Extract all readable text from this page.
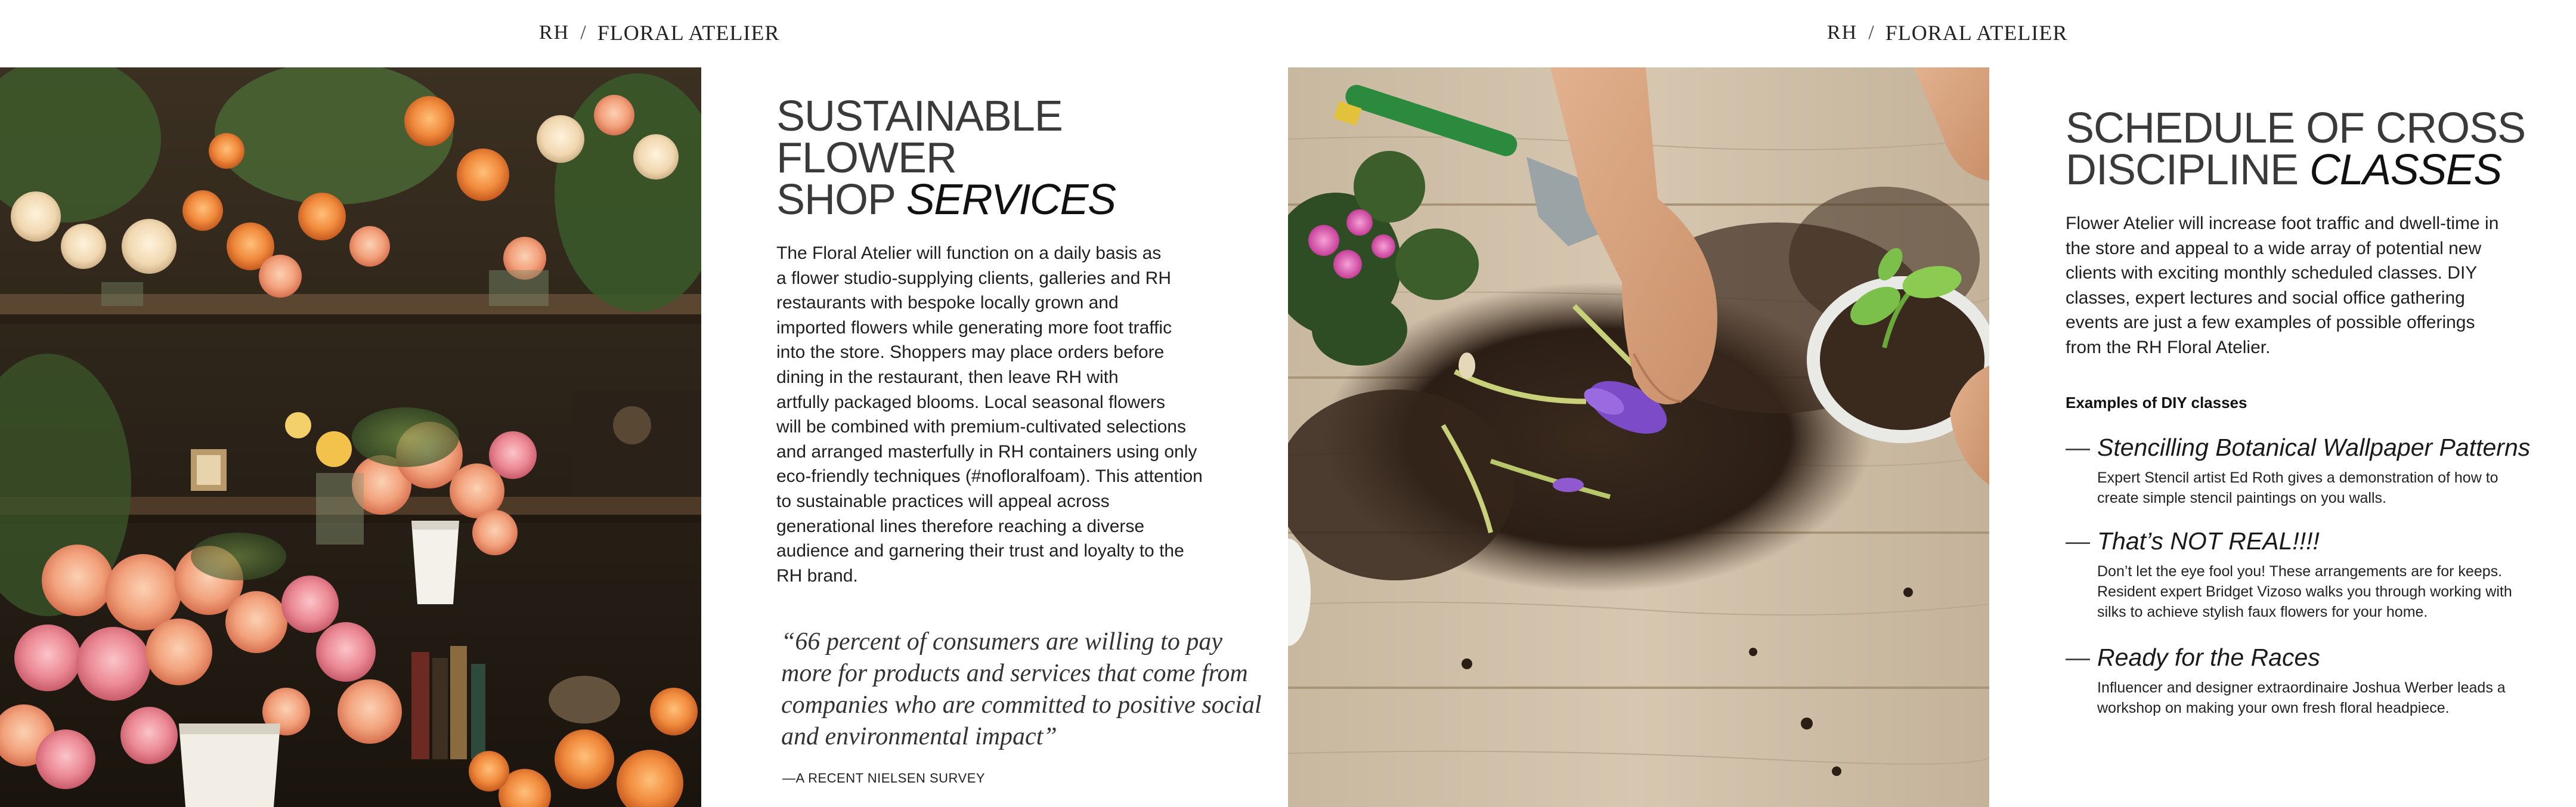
RH / FLORAL ATELIER
SUSTAINABLE FLOWER
SHOP SERVICES

The Floral Atelier will function on a daily basis as
a flower studio-supplying clients, galleries and RH
restaurants with bespoke locally grown and
imported flowers while generating more foot traffic
into the store. Shoppers may place orders before
dining in the restaurant, then leave RH with
artfully packaged blooms. Local seasonal flowers
will be combined with premium-cultivated selections
and arranged masterfully in RH containers using only
eco-friendly techniques (#nofloralfoam). This attention
to sustainable practices will appeal across
generational lines therefore reaching a diverse
audience and garnering their trust and loyalty to the
RH brand.

“66 percent of consumers are willing to pay
more for products and services that come from
companies who are committed to positive social
and environmental impact”
—A RECENT NIELSEN SURVEY
RH / FLORAL ATELIER
SCHEDULE OF CROSS
DISCIPLINE CLASSES

Flower Atelier will increase foot traffic and dwell-time in
the store and appeal to a wide array of potential new
clients with exciting monthly scheduled classes. DIY
classes, expert lectures and social office gathering
events are just a few examples of possible offerings
from the RH Floral Atelier.

Examples of DIY classes
— Stencilling Botanical Wallpaper Patterns
Expert Stencil artist Ed Roth gives a demonstration of how to
create simple stencil paintings on you walls.
— That’s NOT REAL!!!!
Don’t let the eye fool you! These arrangements are for keeps.
Resident expert Bridget Vizoso walks you through working with
silks to achieve stylish faux flowers for your home.
— Ready for the Races
Influencer and designer extraordinaire Joshua Werber leads a
workshop on making your own fresh floral headpiece.
